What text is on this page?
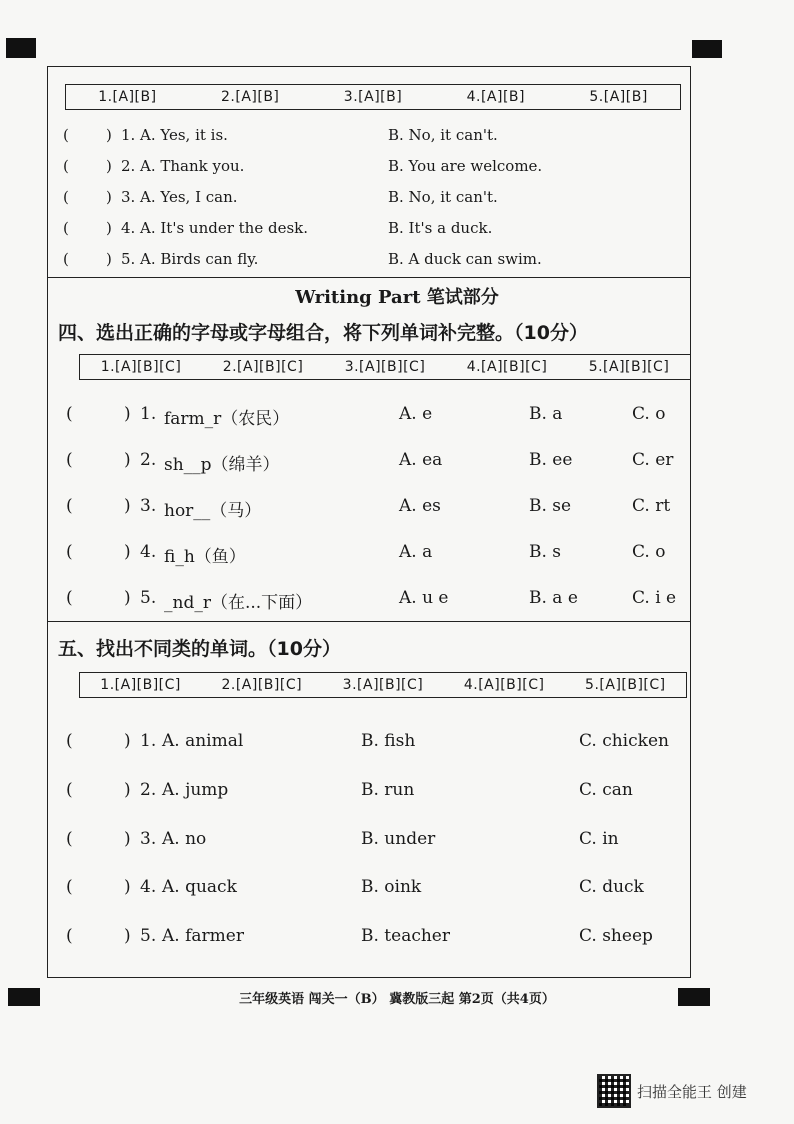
1.[A][B]	2.[A][B]	3.[A][B]	4.[A][B]	5.[A][B]
( ) 1. A. Yes, it is.	B. No, it can't.
( ) 2. A. Thank you.	B. You are welcome.
( ) 3. A. Yes, I can.	B. No, it can't.
( ) 4. A. It's under the desk.	B. It's a duck.
( ) 5. A. Birds can fly.	B. A duck can swim.
Writing Part 笔试部分
四、选出正确的字母或字母组合，将下列单词补完整。（10分）
1.[A][B][C]	2.[A][B][C]	3.[A][B][C]	4.[A][B][C]	5.[A][B][C]
(	) 1. farm_r（农民）	A. e	B. a	C. o
(	) 2. sh__p（绵羊）	A. ea	B. ee	C. er
(	) 3. hor__（马）	A. es	B. se	C. rt
(	) 4. fi_h（鱼）	A. a	B. s	C. o
(	) 5. _nd_r（在...下面）	A. u e	B. a e	C. i e
五、找出不同类的单词。（10分）
1.[A][B][C]	2.[A][B][C]	3.[A][B][C]	4.[A][B][C]	5.[A][B][C]
(	) 1. A. animal	B. fish	C. chicken
(	) 2. A. jump	B. run	C. can
(	) 3. A. no	B. under	C. in
(	) 4. A. quack	B. oink	C. duck
(	) 5. A. farmer	B. teacher	C. sheep
三年级英语 闯关一（B） 冀教版三起 第2页（共4页）
扫描全能王 创建
